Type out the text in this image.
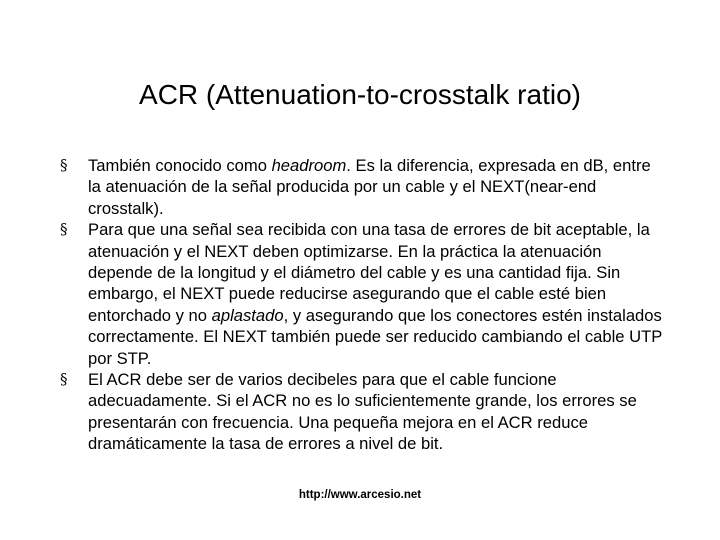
ACR (Attenuation-to-crosstalk ratio)
§	También conocido como headroom. Es la diferencia, expresada en dB, entre la atenuación de la señal producida por un cable y el NEXT(near-end crosstalk).
§	Para que una señal sea recibida con una tasa de errores de bit aceptable, la atenuación y el NEXT deben optimizarse. En la práctica la atenuación depende de la longitud y el diámetro del cable y es una cantidad fija. Sin embargo, el NEXT puede reducirse asegurando que el cable esté bien entorchado y no aplastado, y asegurando que los conectores estén instalados correctamente. El NEXT también puede ser reducido cambiando el cable UTP por STP.
§	El ACR debe ser de varios decibeles para que el cable funcione adecuadamente. Si el ACR no es lo suficientemente grande, los errores se presentarán con frecuencia. Una pequeña mejora en el ACR reduce dramáticamente la tasa de errores a nivel de bit.
http://www.arcesio.net
